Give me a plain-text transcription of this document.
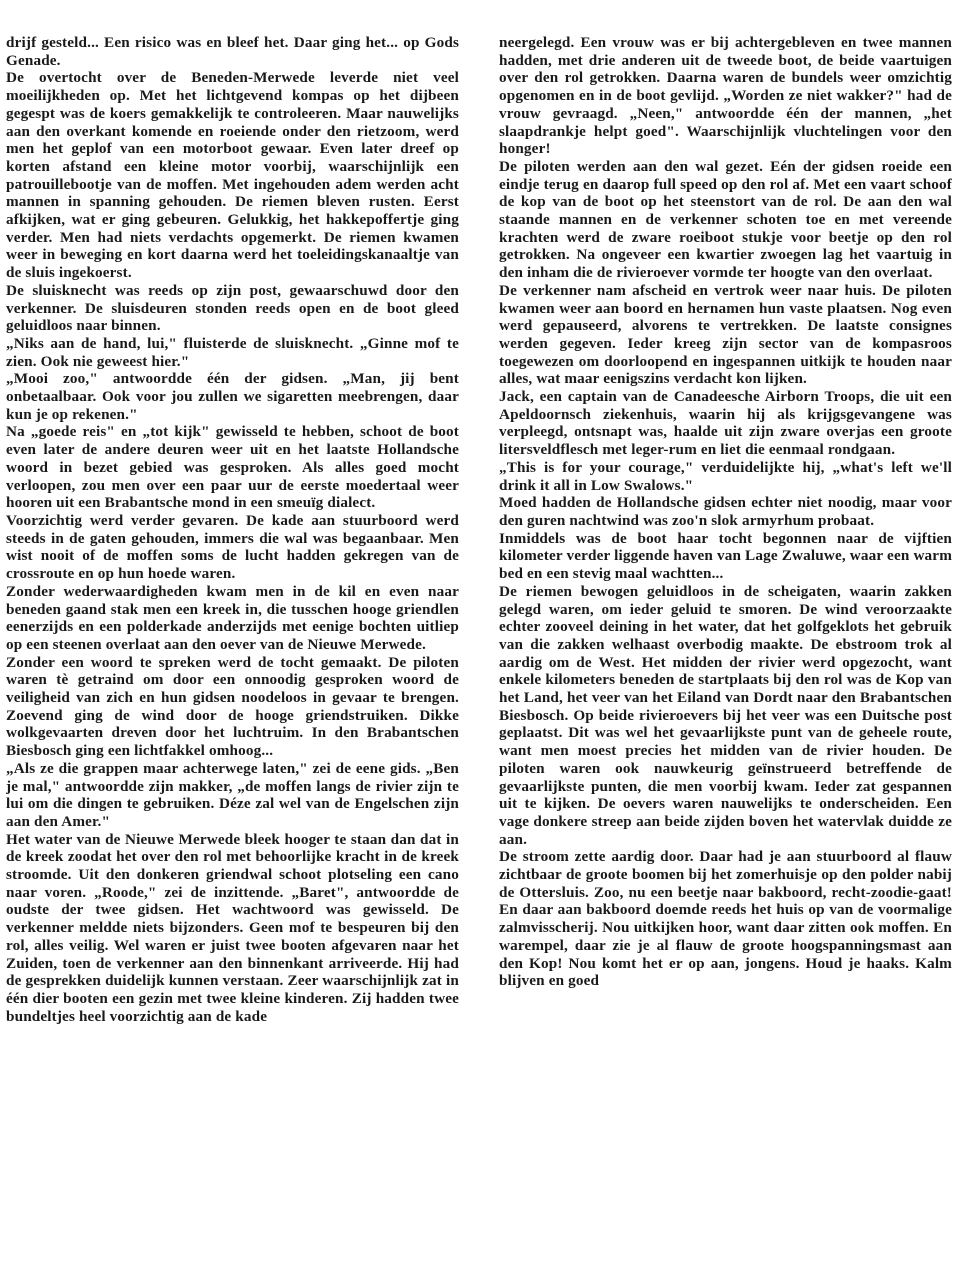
drijf gesteld... Een risico was en bleef het. Daar ging het... op Gods Genade.

De overtocht over de Beneden-Merwede leverde niet veel moeilijkheden op. Met het lichtgevend kompas op het dijbeen gegespt was de koers gemakkelijk te controleeren. Maar nauwelijks aan den overkant komende en roeiende onder den rietzoom, werd men het geplof van een motorboot gewaar. Even later dreef op korten afstand een kleine motor voorbij, waarschijnlijk een patrouillebootje van de moffen. Met ingehouden adem werden acht mannen in spanning gehouden. De riemen bleven rusten. Eerst afkijken, wat er ging gebeuren. Gelukkig, het hakkepoffertje ging verder. Men had niets verdachts opgemerkt. De riemen kwamen weer in beweging en kort daarna werd het toeleidingskanaaltje van de sluis ingekoerst.

De sluisknecht was reeds op zijn post, gewaarschuwd door den verkenner. De sluisdeuren stonden reeds open en de boot gleed geluidloos naar binnen.

„Niks aan de hand, lui," fluisterde de sluisknecht. „Ginne mof te zien. Ook nie geweest hier."

„Mooi zoo," antwoordde één der gidsen. „Man, jij bent onbetaalbaar. Ook voor jou zullen we sigaretten meebrengen, daar kun je op rekenen."

Na „goede reis" en „tot kijk" gewisseld te hebben, schoot de boot even later de andere deuren weer uit en het laatste Hollandsche woord in bezet gebied was gesproken. Als alles goed mocht verloopen, zou men over een paar uur de eerste moedertaal weer hooren uit een Brabantsche mond in een smeuïg dialect.

Voorzichtig werd verder gevaren. De kade aan stuurboord werd steeds in de gaten gehouden, immers die wal was begaanbaar. Men wist nooit of de moffen soms de lucht hadden gekregen van de crossroute en op hun hoede waren.

Zonder wederwaardigheden kwam men in de kil en even naar beneden gaand stak men een kreek in, die tusschen hooge griendlen eenerzijds en een polderkade anderzijds met eenige bochten uitliep op een steenen overlaat aan den oever van de Nieuwe Merwede.

Zonder een woord te spreken werd de tocht gemaakt. De piloten waren tè getraind om door een onnoodig gesproken woord de veiligheid van zich en hun gidsen noodeloos in gevaar te brengen. Zoevend ging de wind door de hooge griendstruiken. Dikke wolkgevaarten dreven door het luchtruim. In den Brabantschen Biesbosch ging een lichtfakkel omhoog...

„Als ze die grappen maar achterwege laten," zei de eene gids. „Ben je mal," antwoordde zijn makker, „de moffen langs de rivier zijn te lui om die dingen te gebruiken. Déze zal wel van de Engelschen zijn aan den Amer."

Het water van de Nieuwe Merwede bleek hooger te staan dan dat in de kreek zoodat het over den rol met behoorlijke kracht in de kreek stroomde. Uit den donkeren griendwal schoot plotseling een cano naar voren. „Roode," zei de inzittende. „Baret", antwoordde de oudste der twee gidsen. Het wachtwoord was gewisseld. De verkenner meldde niets bijzonders. Geen mof te bespeuren bij den rol, alles veilig. Wel waren er juist twee booten afgevaren naar het Zuiden, toen de verkenner aan den binnenkant arriveerde. Hij had de gesprekken duidelijk kunnen verstaan. Zeer waarschijnlijk zat in één dier booten een gezin met twee kleine kinderen. Zij hadden twee bundeltjes heel voorzichtig aan de kade

neergelegd. Een vrouw was er bij achtergebleven en twee mannen hadden, met drie anderen uit de tweede boot, de beide vaartuigen over den rol getrokken. Daarna waren de bundels weer omzichtig opgenomen en in de boot gevlijd. „Worden ze niet wakker?" had de vrouw gevraagd. „Neen," antwoordde één der mannen, „het slaapdrankje helpt goed". Waarschijnlijk vluchtelingen voor den honger!

De piloten werden aan den wal gezet. Eén der gidsen roeide een eindje terug en daarop full speed op den rol af. Met een vaart schoof de kop van de boot op het steenstort van de rol. De aan den wal staande mannen en de verkenner schoten toe en met vereende krachten werd de zware roeiboot stukje voor beetje op den rol getrokken. Na ongeveer een kwartier zwoegen lag het vaartuig in den inham die de rivieroever vormde ter hoogte van den overlaat.

De verkenner nam afscheid en vertrok weer naar huis. De piloten kwamen weer aan boord en hernamen hun vaste plaatsen. Nog even werd gepauseerd, alvorens te vertrekken. De laatste consignes werden gegeven. Ieder kreeg zijn sector van de kompasroos toegewezen om doorloopend en ingespannen uitkijk te houden naar alles, wat maar eenigszins verdacht kon lijken.

Jack, een captain van de Canadeesche Airborn Troops, die uit een Apeldoornsch ziekenhuis, waarin hij als krijgsgevangene was verpleegd, ontsnapt was, haalde uit zijn zware overjas een groote litersveldflesch met leger-rum en liet die eenmaal rondgaan.

„This is for your courage," verduidelijkte hij, „what's left we'll drink it all in Low Swalows."

Moed hadden de Hollandsche gidsen echter niet noodig, maar voor den guren nachtwind was zoo'n slok armyrhum probaat.

Inmiddels was de boot haar tocht begonnen naar de vijftien kilometer verder liggende haven van Lage Zwaluwe, waar een warm bed en een stevig maal wachtten...

De riemen bewogen geluidloos in de scheigaten, waarin zakken gelegd waren, om ieder geluid te smoren. De wind veroorzaakte echter zooveel deining in het water, dat het golfgeklots het gebruik van die zakken welhaast overbodig maakte. De ebstroom trok al aardig om de West. Het midden der rivier werd opgezocht, want enkele kilometers beneden de startplaats bij den rol was de Kop van het Land, het veer van het Eiland van Dordt naar den Brabantschen Biesbosch. Op beide rivieroevers bij het veer was een Duitsche post geplaatst. Dit was wel het gevaarlijkste punt van de geheele route, want men moest precies het midden van de rivier houden. De piloten waren ook nauwkeurig geïnstrueerd betreffende de gevaarlijkste punten, die men voorbij kwam. Ieder zat gespannen uit te kijken. De oevers waren nauwelijks te onderscheiden. Een vage donkere streep aan beide zijden boven het watervlak duidde ze aan.

De stroom zette aardig door. Daar had je aan stuurboord al flauw zichtbaar de groote boomen bij het zomerhuisje op den polder nabij de Ottersluis. Zoo, nu een beetje naar bakboord, recht-zoodie-gaat! En daar aan bakboord doemde reeds het huis op van de voormalige zalmvisscherij. Nou uitkijken hoor, want daar zitten ook moffen. En warempel, daar zie je al flauw de groote hoogspanningsmast aan den Kop! Nou komt het er op aan, jongens. Houd je haaks. Kalm blijven en goed
